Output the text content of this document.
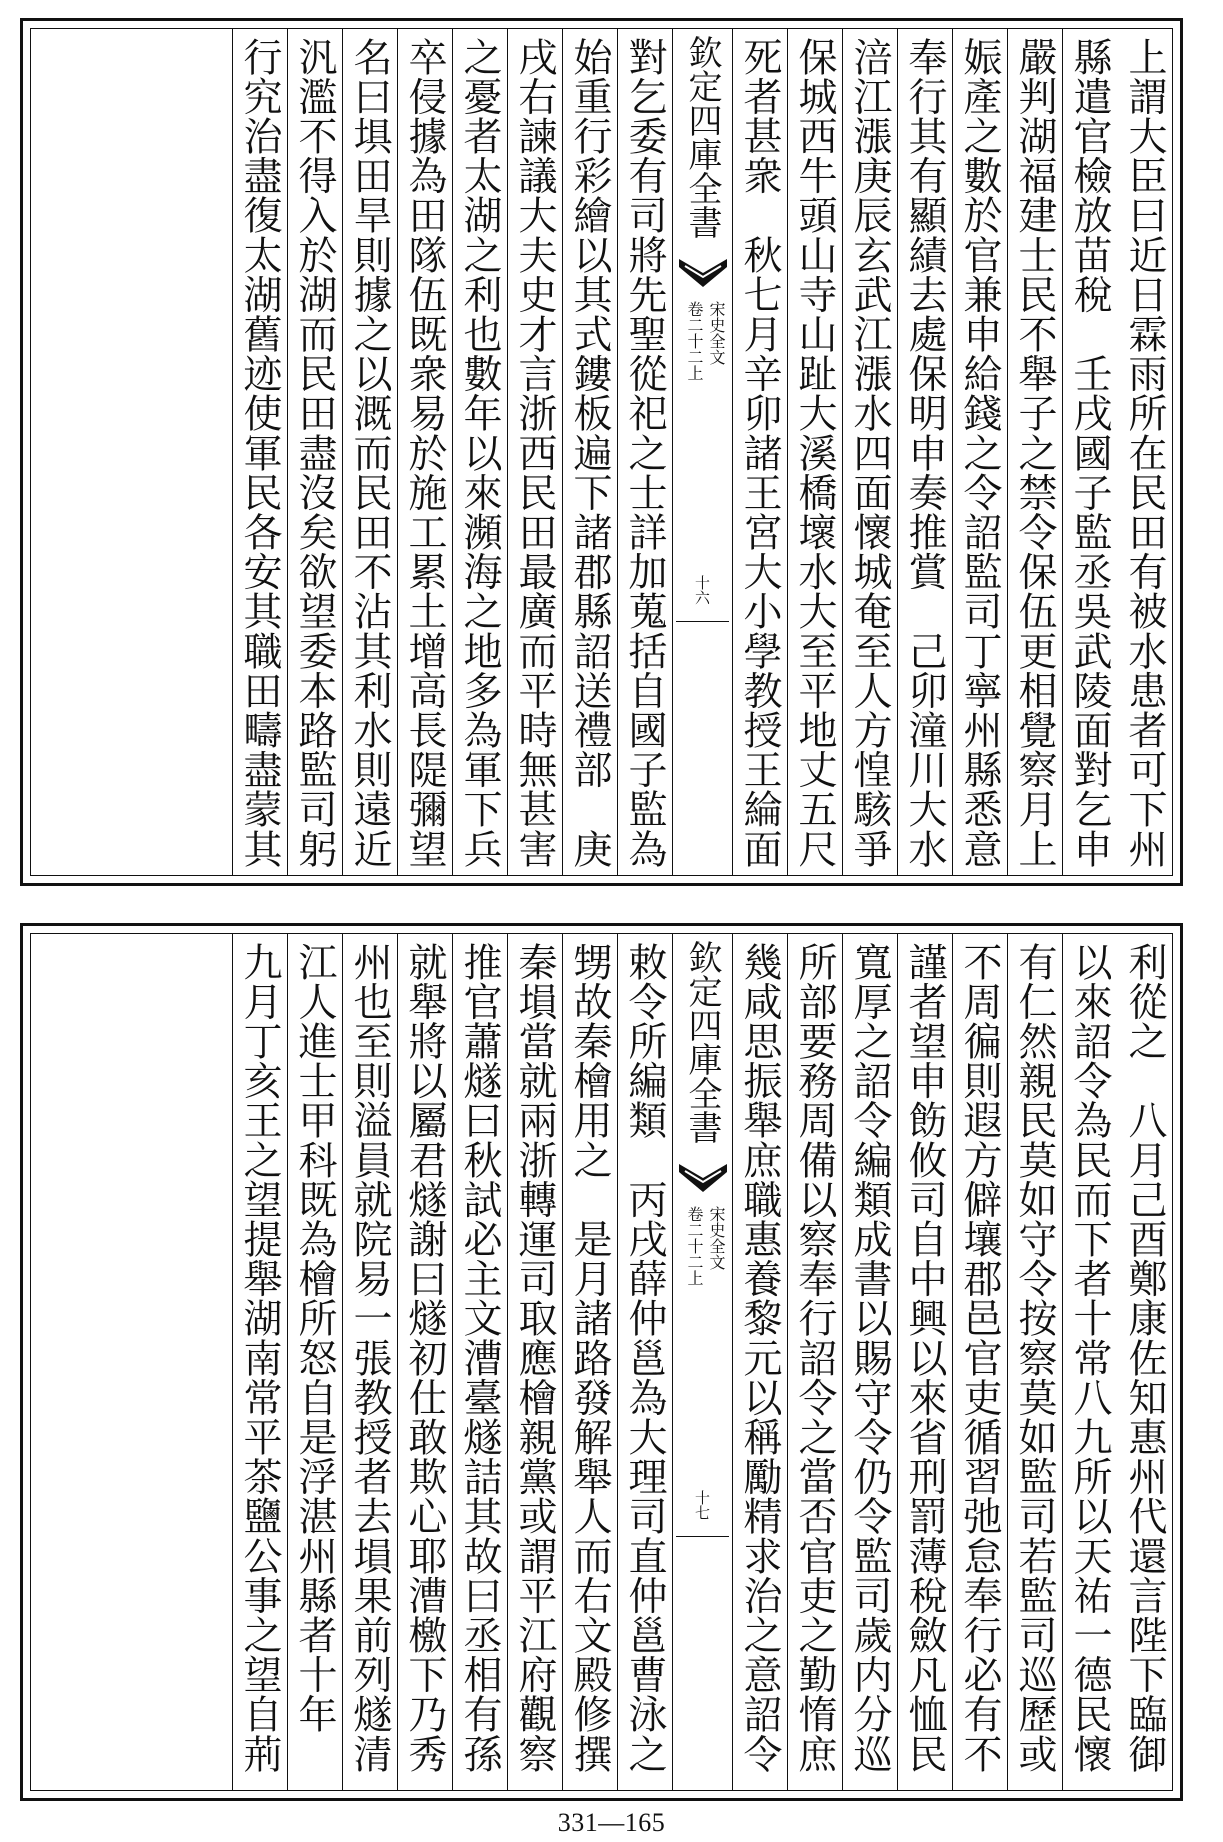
上謂大臣曰近日霖雨所在民田有被水患者可下州
縣遣官檢放苗稅　壬戌國子監丞吳武陵面對乞申
嚴判湖福建士民不舉子之禁令保伍更相覺察月上
娠產之數於官兼申給錢之令詔監司丁寧州縣悉意
奉行其有顯績去處保明申奏推賞　己卯潼川大水
涪江漲庚辰玄武江漲水四面懷城奄至人方惶駭爭
保城西牛頭山寺山趾大溪橋壞水大至平地丈五尺
死者甚衆　秋七月辛卯諸王宮大小學教授王綸面
欽定四庫全書
宋史全文
卷二十二上
十六
對乞委有司將先聖從祀之士詳加蒐括自國子監為
始重行彩繪以其式鏤板遍下諸郡縣詔送禮部　庚
戌右諫議大夫史才言浙西民田最廣而平時無甚害
之憂者太湖之利也數年以來瀕海之地多為軍下兵
卒侵據為田隊伍既衆易於施工累土增高長隄彌望
名曰埧田旱則據之以溉而民田不沾其利水則遠近
汎濫不得入於湖而民田盡沒矣欲望委本路監司躬
行究治盡復太湖舊迹使軍民各安其職田疇盡蒙其
利從之　八月己酉鄭康佐知惠州代還言陛下臨御
以來詔令為民而下者十常八九所以天祐一德民懷
有仁然親民莫如守令按察莫如監司若監司巡歷或
不周徧則遐方僻壤郡邑官吏循習弛怠奉行必有不
謹者望申飭攸司自中興以來省刑罰薄稅斂凡恤民
寬厚之詔令編類成書以賜守令仍令監司歲内分巡
所部要務周備以察奉行詔令之當否官吏之勤惰庶
幾咸思振舉庶職惠養黎元以稱勵精求治之意詔令
欽定四庫全書
宋史全文
卷二十二上
十七
敕令所編類　丙戌薛仲邕為大理司直仲邕曹泳之
甥故秦檜用之　是月諸路發解舉人而右文殿修撰
秦塤當就兩浙轉運司取應檜親黨或謂平江府觀察
推官蕭燧曰秋試必主文漕臺燧詰其故曰丞相有孫
就舉將以屬君燧謝曰燧初仕敢欺心耶漕檄下乃秀
州也至則溢員就院易一張教授者去塤果前列燧清
江人進士甲科既為檜所怒自是浮湛州縣者十年
九月丁亥王之望提舉湖南常平茶鹽公事之望自荊
331—165
